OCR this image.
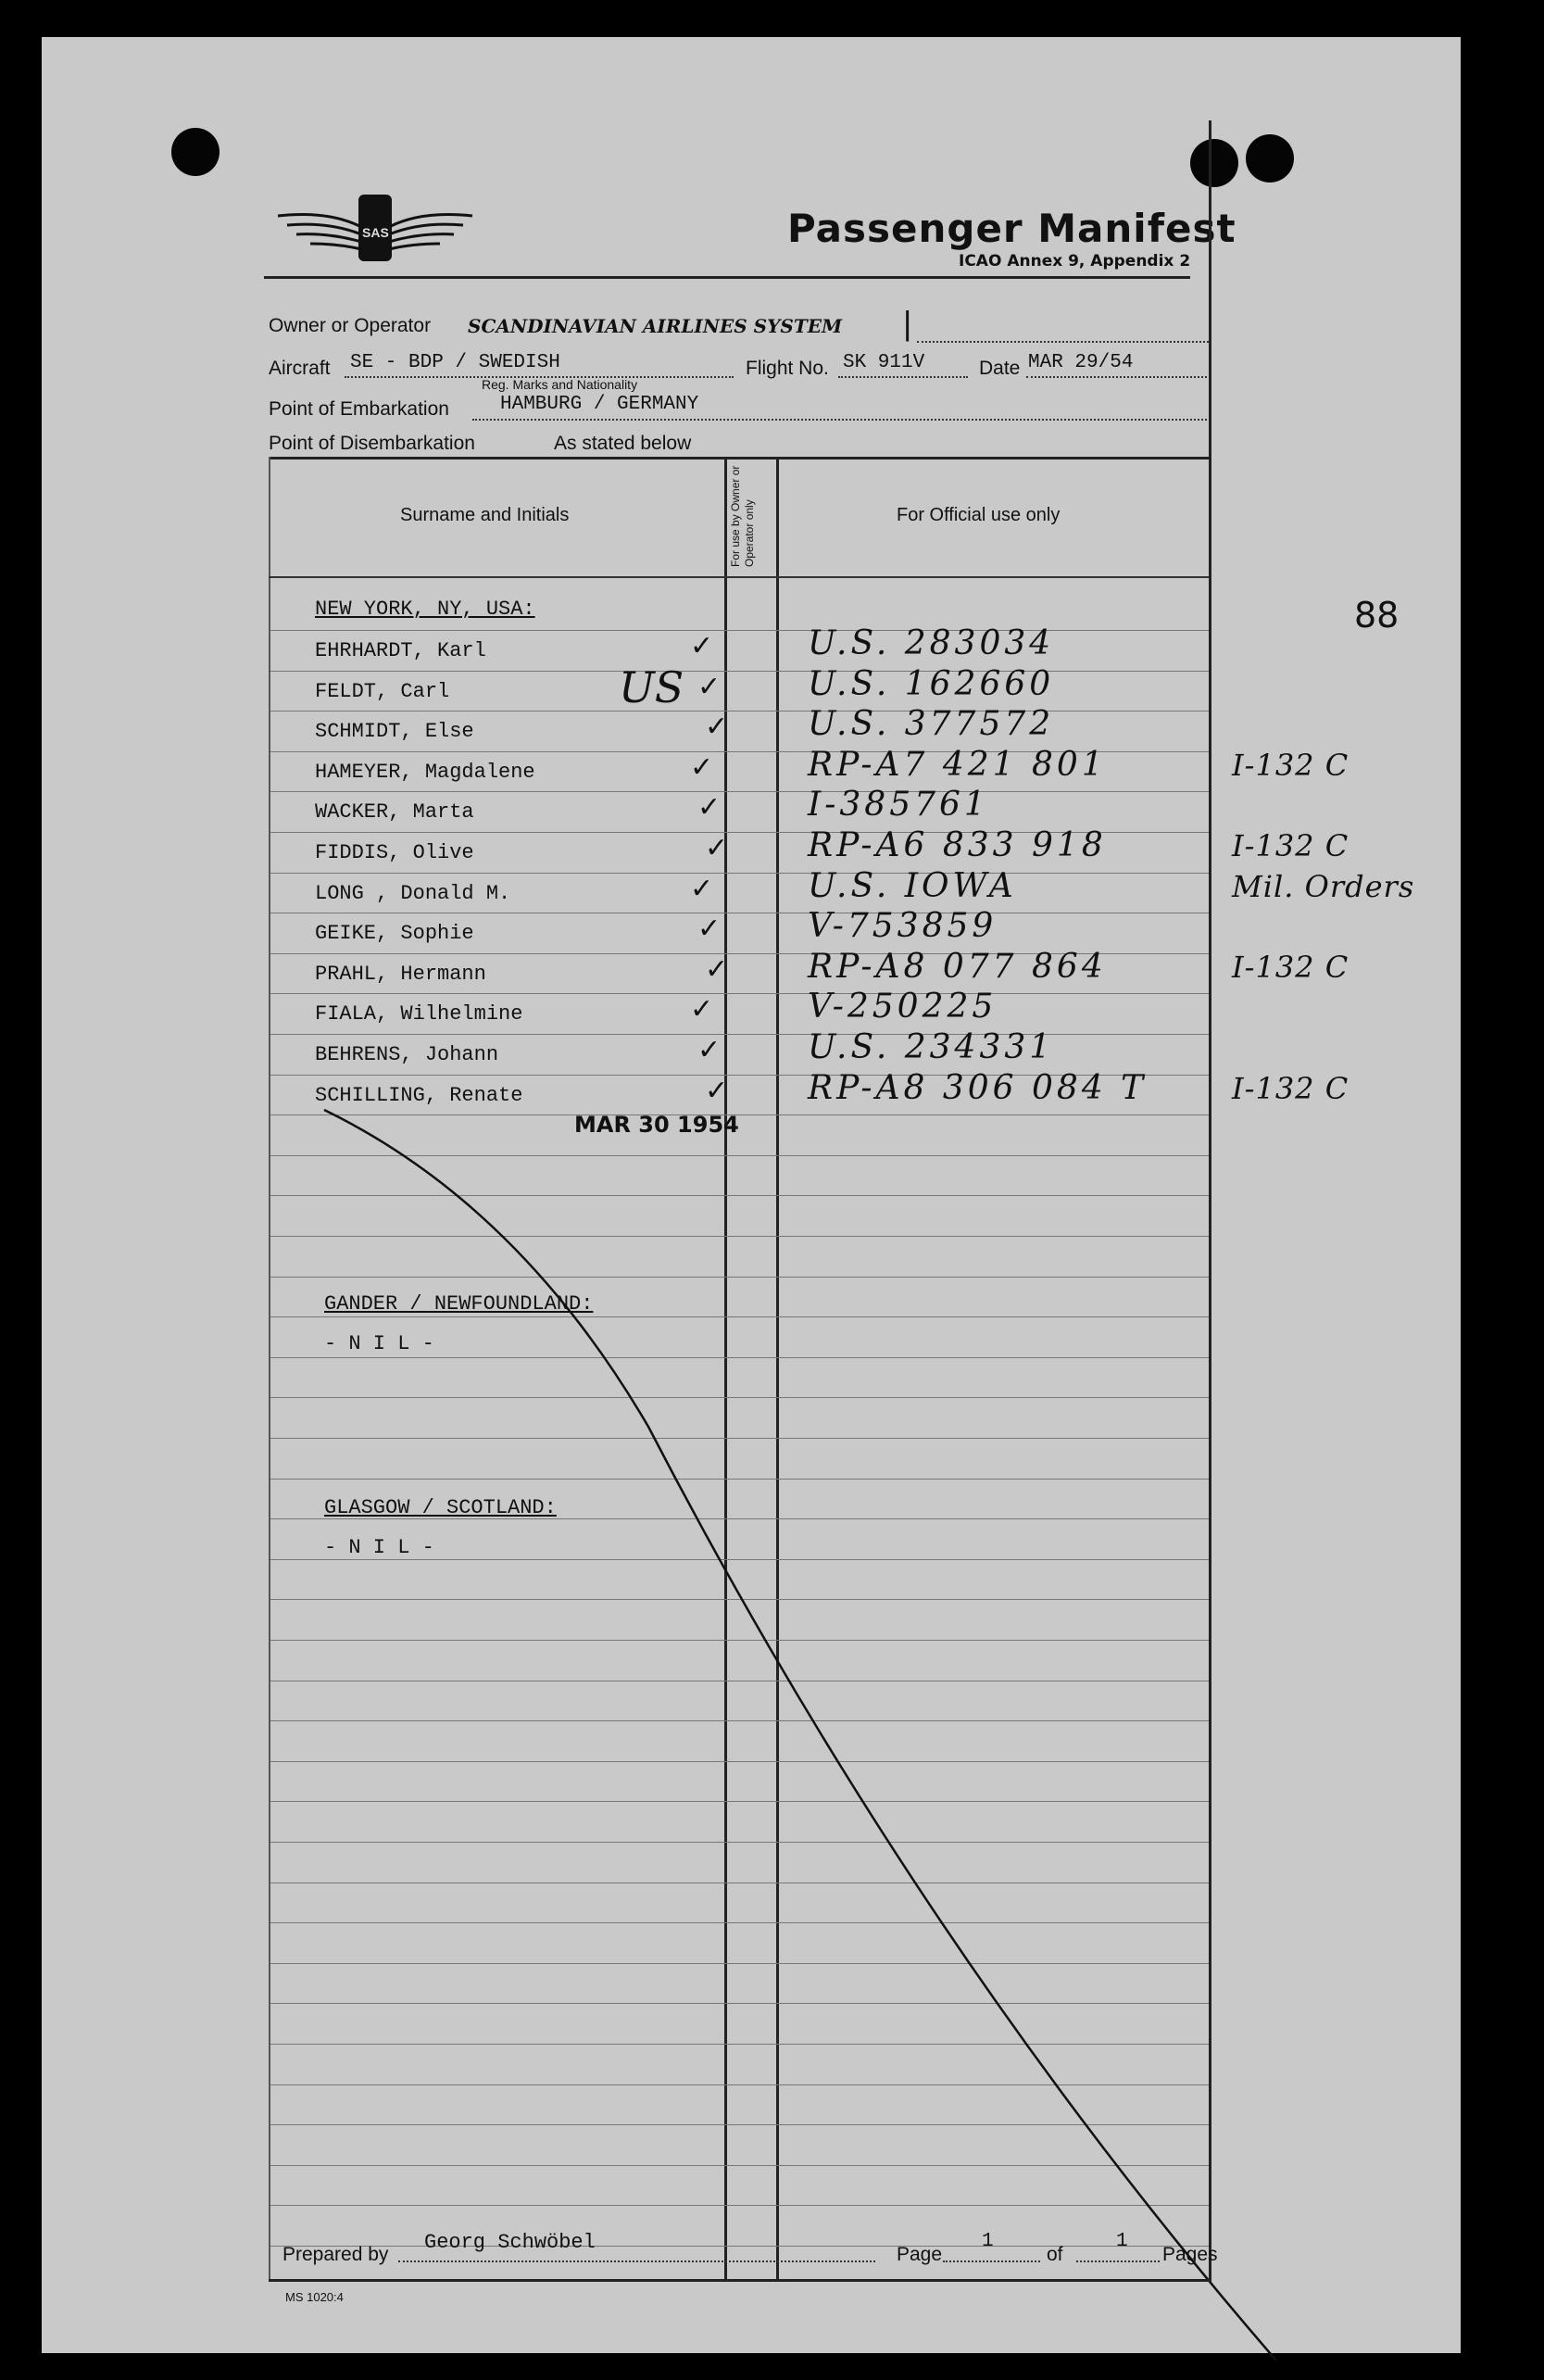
SAS	Passenger Manifest
ICAO Annex 9, Appendix 2
Owner or Operator SCANDINAVIAN AIRLINES SYSTEM |
Aircraft SE - BDP / SWEDISH
Reg. Marks and Nationality
Flight No. SK 911V	Date MAR 29/54
Point of Embarkation	HAMBURG / GERMANY
Point of Disembarkation	As stated below
Surname and Initials	For use by Owner or Operator only	For Official use only
88
NEW YORK, NY, USA:
EHRHARDT, Karl	✓	U.S. 283034
FELDT, Carl	✓	U.S. 162660
SCHMIDT, Else	✓ U.S. 377572
HAMEYER, Magdalene	✓	RP-A7 421 801	I-132 C
WACKER, Marta	✓	I-385761
FIDDIS, Olive	✓ RP-A6 833 918	I-132 C
LONG , Donald M.	✓	U.S. IOWA	Mil. Orders
GEIKE, Sophie	✓	V-753859
PRAHL, Hermann	✓ RP-A8 077 864	I-132 C
FIALA, Wilhelmine	✓	V-250225
BEHRENS, Johann	✓	U.S. 234331
SCHILLING, Renate	✓ RP-A8 306 084 T	I-132 C
US
MAR 30 1954
GANDER / NEWFOUNDLAND:
- N I L -
GLASGOW / SCOTLAND:
- N I L -
Prepared by
Georg Schwöbel
Page
1
of
1
Pages
MS 1020:4
